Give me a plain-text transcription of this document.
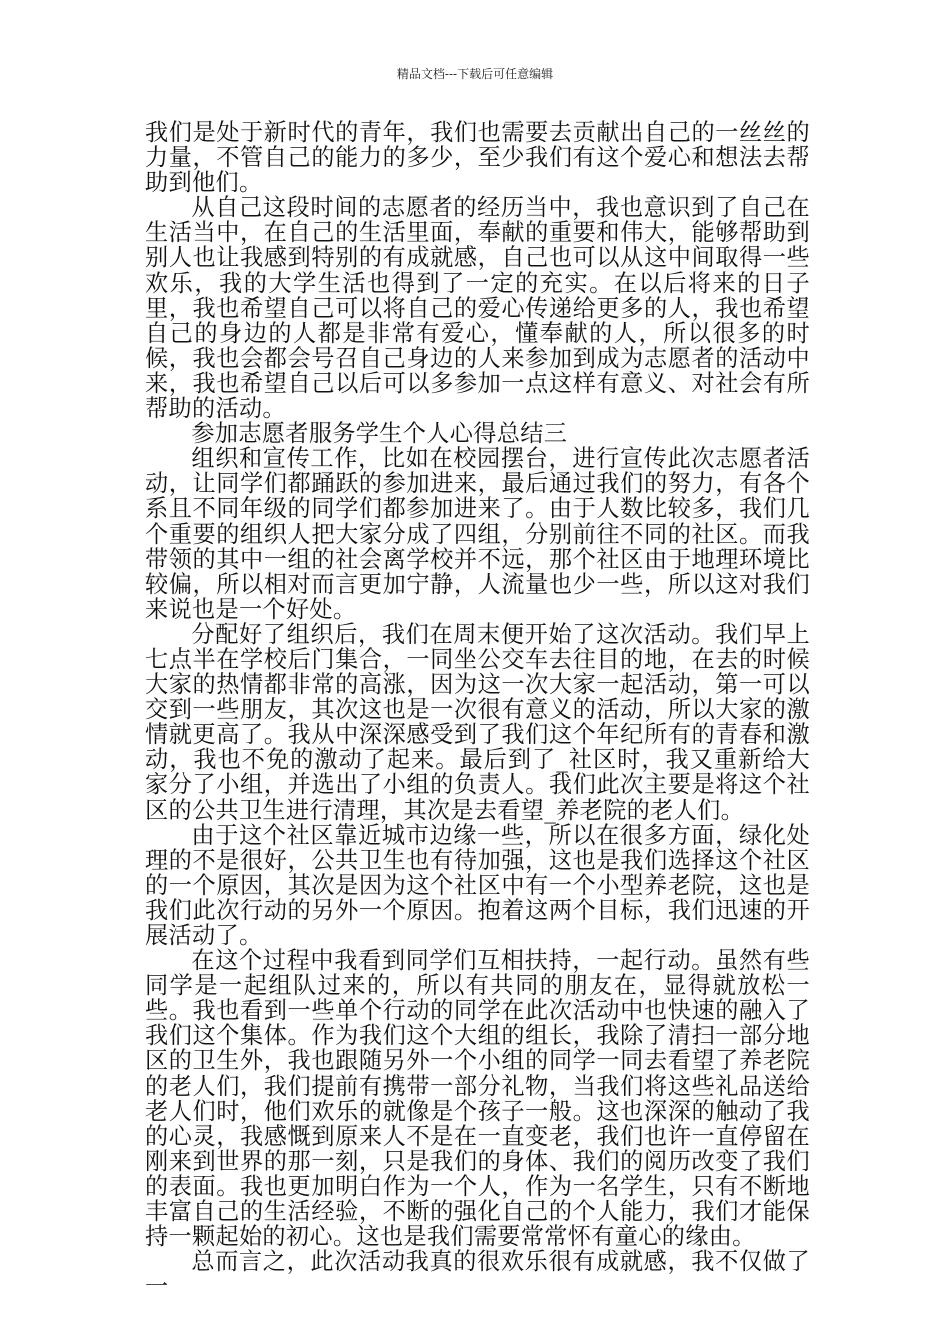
精品文档---下载后可任意编辑

我们是处于新时代的青年，我们也需要去贡献出自己的一丝丝的力量，不管自己的能力的多少，至少我们有这个爱心和想法去帮助到他们。

从自己这段时间的志愿者的经历当中，我也意识到了自己在生活当中，在自己的生活里面，奉献的重要和伟大，能够帮助到别人也让我感到特别的有成就感，自己也可以从这中间取得一些欢乐，我的大学生活也得到了一定的充实。在以后将来的日子里，我也希望自己可以将自己的爱心传递给更多的人，我也希望自己的身边的人都是非常有爱心，懂奉献的人，所以很多的时候，我也会都会号召自己身边的人来参加到成为志愿者的活动中来，我也希望自己以后可以多参加一点这样有意义、对社会有所帮助的活动。

参加志愿者服务学生个人心得总结三

组织和宣传工作，比如在校园摆台，进行宣传此次志愿者活动，让同学们都踊跃的参加进来，最后通过我们的努力，有各个系且不同年级的同学们都参加进来了。由于人数比较多，我们几个重要的组织人把大家分成了四组，分别前往不同的社区。而我带领的其中一组的社会离学校并不远，那个社区由于地理环境比较偏，所以相对而言更加宁静，人流量也少一些，所以这对我们来说也是一个好处。

分配好了组织后，我们在周末便开始了这次活动。我们早上七点半在学校后门集合，一同坐公交车去往目的地，在去的时候大家的热情都非常的高涨，因为这一次大家一起活动，第一可以交到一些朋友，其次这也是一次很有意义的活动，所以大家的激情就更高了。我从中深深感受到了我们这个年纪所有的青春和激动，我也不免的激动了起来。最后到了_社区时，我又重新给大家分了小组，并选出了小组的负责人。我们此次主要是将这个社区的公共卫生进行清理，其次是去看望_养老院的老人们。

由于这个社区靠近城市边缘一些，所以在很多方面，绿化处理的不是很好，公共卫生也有待加强，这也是我们选择这个社区的一个原因，其次是因为这个社区中有一个小型养老院，这也是我们此次行动的另外一个原因。抱着这两个目标，我们迅速的开展活动了。

在这个过程中我看到同学们互相扶持，一起行动。虽然有些同学是一起组队过来的，所以有共同的朋友在，显得就放松一些。我也看到一些单个行动的同学在此次活动中也快速的融入了我们这个集体。作为我们这个大组的组长，我除了清扫一部分地区的卫生外，我也跟随另外一个小组的同学一同去看望了养老院的老人们，我们提前有携带一部分礼物，当我们将这些礼品送给老人们时，他们欢乐的就像是个孩子一般。这也深深的触动了我的心灵，我感慨到原来人不是在一直变老，我们也许一直停留在刚来到世界的那一刻，只是我们的身体、我们的阅历改变了我们的表面。我也更加明白作为一个人，作为一名学生，只有不断地丰富自己的生活经验，不断的强化自己的个人能力，我们才能保持一颗起始的初心。这也是我们需要常常怀有童心的缘由。

总而言之，此次活动我真的很欢乐很有成就感，我不仅做了一
